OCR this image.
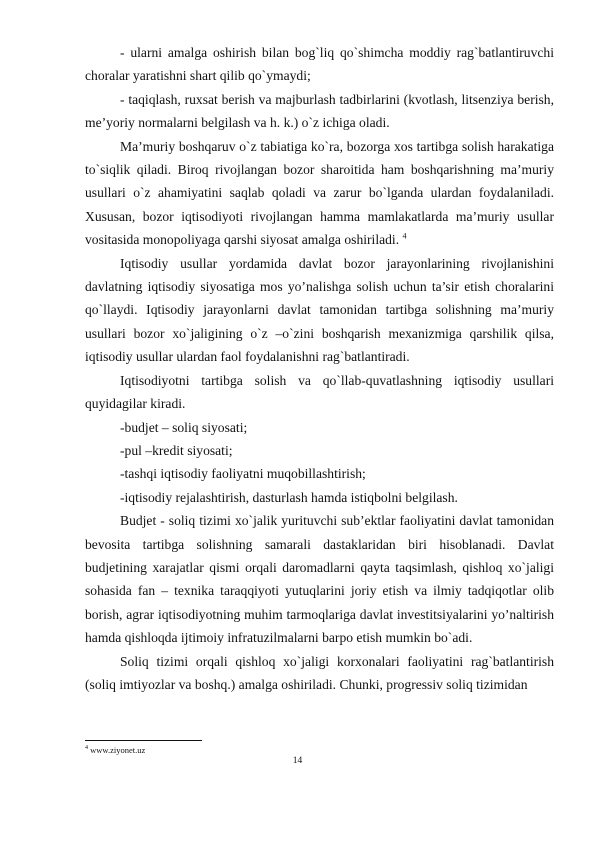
- ularni amalga oshirish bilan bog`liq qo`shimcha moddiy rag`batlantiruvchi choralar yaratishni shart qilib qo`ymaydi;

- taqiqlash, ruxsat berish va majburlash tadbirlarini (kvotlash, litsenziya berish, me’yoriy normalarni belgilash va h. k.) o`z ichiga oladi.

Ma’muriy boshqaruv o`z tabiatiga ko`ra, bozorga xos tartibga solish harakatiga to`siqlik qiladi. Biroq rivojlangan bozor sharoitida ham boshqarishning ma’muriy usullari o`z ahamiyatini saqlab qoladi va zarur bo`lganda ulardan foydalaniladi. Xususan, bozor iqtisodiyoti rivojlangan hamma mamlakatlarda ma’muriy usullar vositasida monopoliyaga qarshi siyosat amalga oshiriladi. $^4$

Iqtisodiy usullar yordamida davlat bozor jarayonlarining rivojlanishini davlatning iqtisodiy siyosatiga mos yo’nalishga solish uchun ta’sir etish choralarini qo`llaydi. Iqtisodiy jarayonlarni davlat tamonidan tartibga solishning ma’muriy usullari bozor xo`jaligining o`z –o`zini boshqarish mexanizmiga qarshilik qilsa, iqtisodiy usullar ulardan faol foydalanishni rag`batlantiradi.

Iqtisodiyotni tartibga solish va qo`llab-quvatlashning iqtisodiy usullari quyidagilar kiradi.

-budjet – soliq siyosati;

-pul –kredit siyosati;

-tashqi iqtisodiy faoliyatni muqobillashtirish;

-iqtisodiy rejalashtirish, dasturlash hamda istiqbolni belgilash.

Budjet - soliq tizimi xo`jalik yurituvchi sub’ektlar faoliyatini davlat tamonidan bevosita tartibga solishning samarali dastaklaridan biri hisoblanadi. Davlat budjetining xarajatlar qismi orqali daromadlarni qayta taqsimlash, qishloq xo`jaligi sohasida fan – texnika taraqqiyoti yutuqlarini joriy etish va ilmiy tadqiqotlar olib borish, agrar iqtisodiyotning muhim tarmoqlariga davlat investitsiyalarini yo’naltirish hamda qishloqda ijtimoiy infratuzilmalarni barpo etish mumkin bo`adi.

Soliq tizimi orqali qishloq xo`jaligi korxonalari faoliyatini rag`batlantirish (soliq imtiyozlar va boshq.) amalga oshiriladi. Chunki, progressiv soliq tizimidan

$^4$ www.ziyonet.uz
14
